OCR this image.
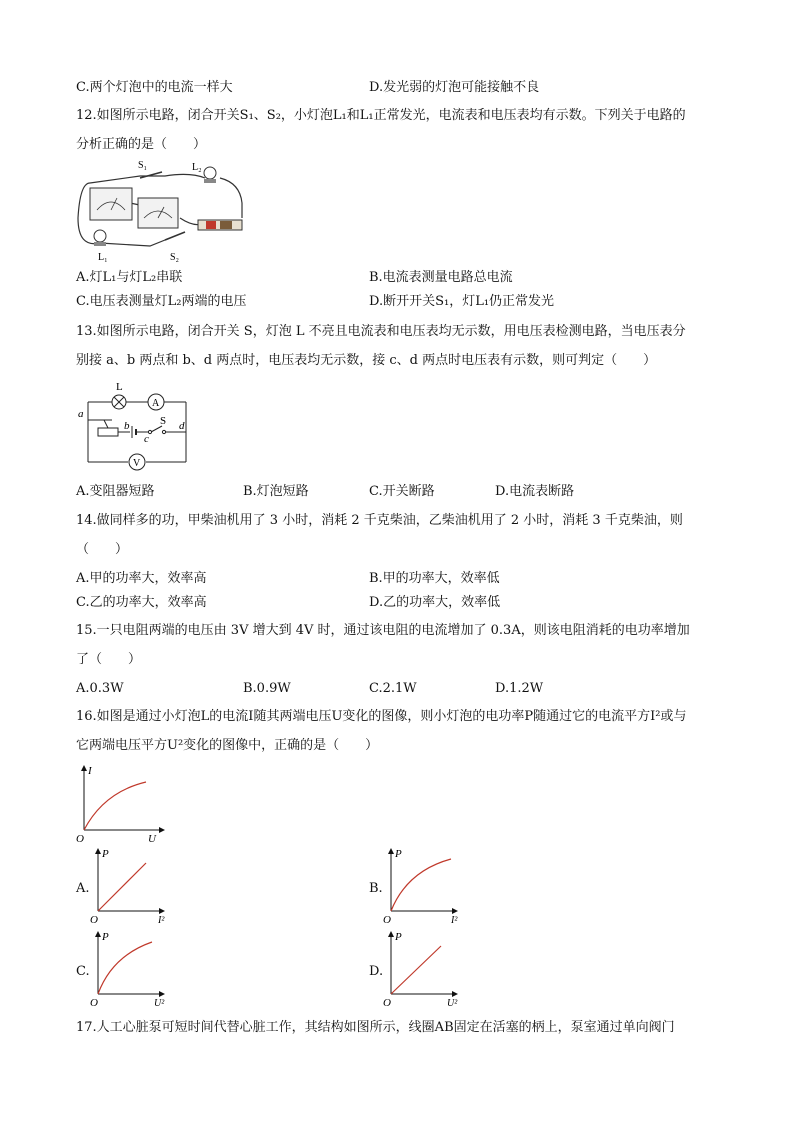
C.两个灯泡中的电流一样大	D.发光弱的灯泡可能接触不良
12.如图所示电路，闭合开关S₁、S₂，小灯泡L₁和L₁正常发光，电流表和电压表均有示数。下列关于电路的
分析正确的是（　　）
S₁	L₂
L₁	S₂
A.灯L₁与灯L₂串联	B.电流表测量电路总电流
C.电压表测量灯L₂两端的电压	D.断开开关S₁，灯L₁仍正常发光
13.如图所示电路，闭合开关 S，灯泡 L 不亮且电流表和电压表均无示数，用电压表检测电路，当电压表分
别接 a、b 两点和 b、d 两点时，电压表均无示数，接 c、d 两点时电压表有示数，则可判定（　　）
L
A
V
a
b
c
d
S
A.变阻器短路	B.灯泡短路	C.开关断路	D.电流表断路
14.做同样多的功，甲柴油机用了 3 小时，消耗 2 千克柴油，乙柴油机用了 2 小时，消耗 3 千克柴油，则
（　　）
A.甲的功率大，效率高	B.甲的功率大，效率低
C.乙的功率大，效率高	D.乙的功率大，效率低
15.一只电阻两端的电压由 3V 增大到 4V 时，通过该电阻的电流增加了 0.3A，则该电阻消耗的电功率增加
了（　　）
A.0.3W	B.0.9W	C.2.1W	D.1.2W
16.如图是通过小灯泡L的电流I随其两端电压U变化的图像，则小灯泡的电功率P随通过它的电流平方I²或与
它两端电压平方U²变化的图像中，正确的是（　　）
I
U
O
A.
P
I²
O
B.
P
I²
O
C.
P
U²
O
D.
P
U²
O
17.人工心脏泵可短时间代替心脏工作，其结构如图所示，线圈AB固定在活塞的柄上，泵室通过单向阀门
